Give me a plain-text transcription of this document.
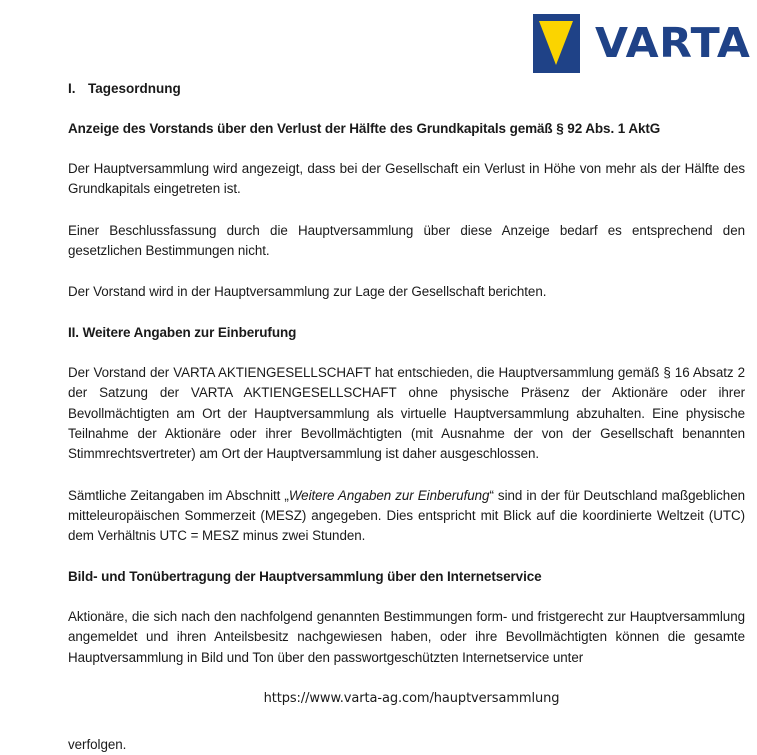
VARTA
I. Tagesordnung
Anzeige des Vorstands über den Verlust der Hälfte des Grundkapitals gemäß § 92 Abs. 1 AktG

Der Hauptversammlung wird angezeigt, dass bei der Gesellschaft ein Verlust in Höhe von mehr als der Hälfte des Grundkapitals eingetreten ist.

Einer Beschlussfassung durch die Hauptversammlung über diese Anzeige bedarf es entsprechend den gesetzlichen Bestimmungen nicht.

Der Vorstand wird in der Hauptversammlung zur Lage der Gesellschaft berichten.

II. Weitere Angaben zur Einberufung

Der Vorstand der VARTA AKTIENGESELLSCHAFT hat entschieden, die Hauptversammlung gemäß § 16 Absatz 2 der Satzung der VARTA AKTIENGESELLSCHAFT ohne physische Präsenz der Aktionäre oder ihrer Bevollmächtigten am Ort der Hauptversammlung als virtuelle Hauptversammlung abzuhalten. Eine physische Teilnahme der Aktionäre oder ihrer Bevollmächtigten (mit Ausnahme der von der Gesellschaft benannten Stimmrechtsvertreter) am Ort der Hauptversammlung ist daher ausgeschlossen.

Sämtliche Zeitangaben im Abschnitt „Weitere Angaben zur Einberufung“ sind in der für Deutschland maßgeblichen mitteleuropäischen Sommerzeit (MESZ) angegeben. Dies entspricht mit Blick auf die koordinierte Weltzeit (UTC) dem Verhältnis UTC = MESZ minus zwei Stunden.

Bild- und Tonübertragung der Hauptversammlung über den Internetservice

Aktionäre, die sich nach den nachfolgend genannten Bestimmungen form- und fristgerecht zur Hauptversammlung angemeldet und ihren Anteilsbesitz nachgewiesen haben, oder ihre Bevollmächtigten können die gesamte Hauptversammlung in Bild und Ton über den passwortgeschützten Internetservice unter

https://www.varta-ag.com/hauptversammlung

verfolgen.
